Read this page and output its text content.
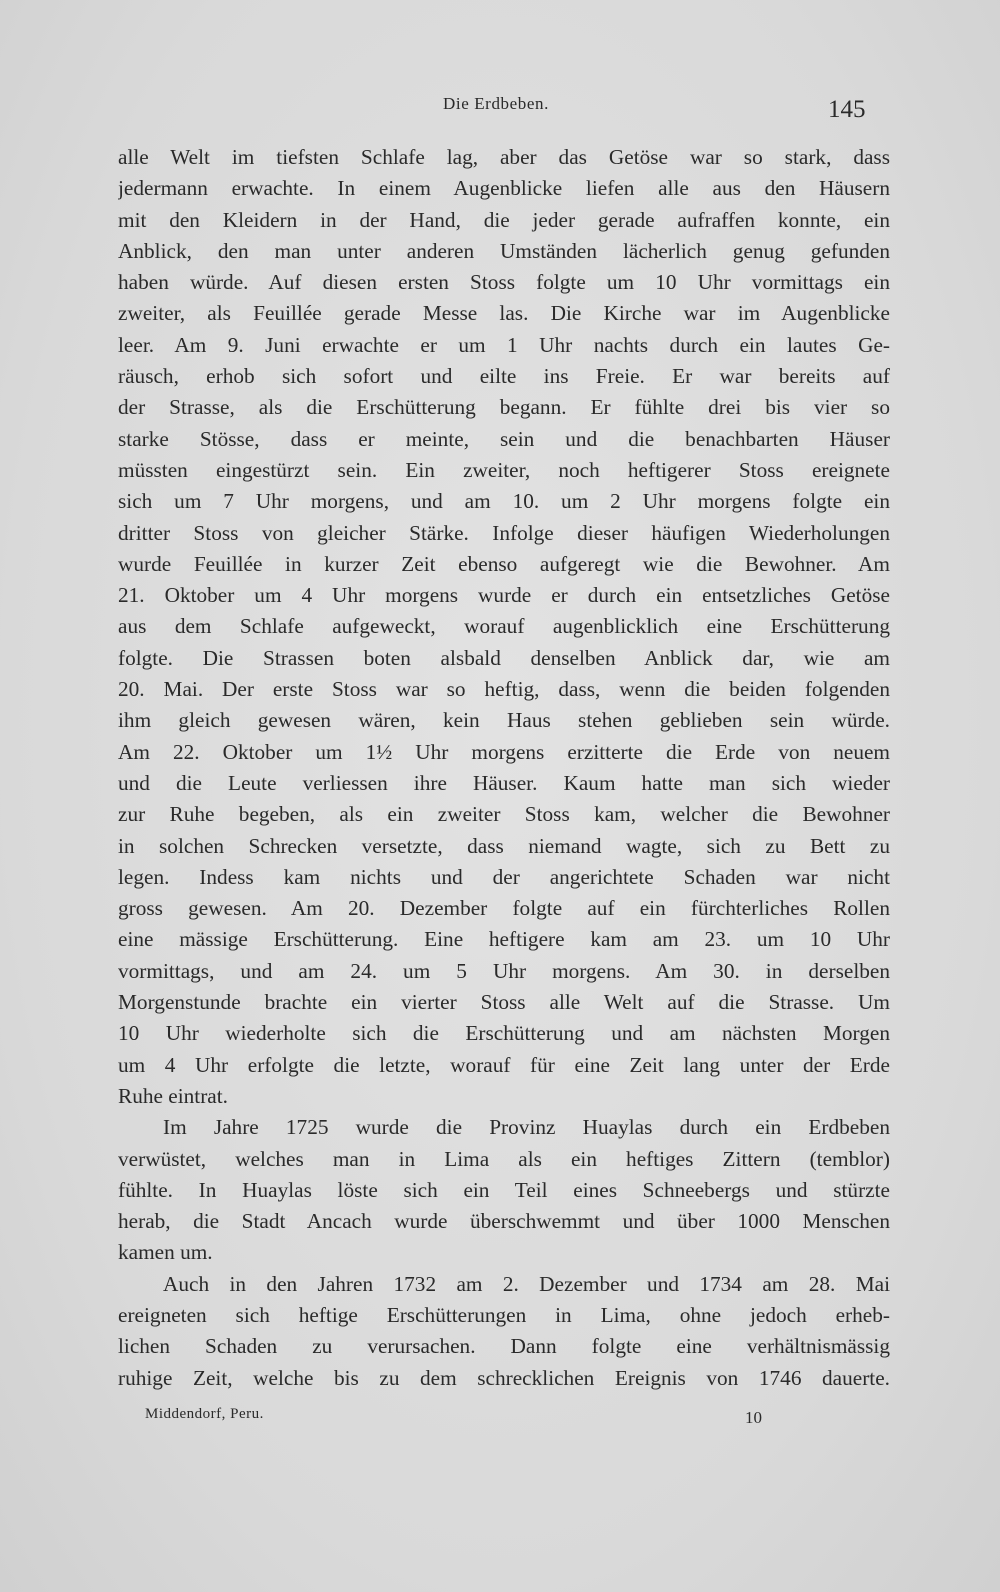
Die Erdbeben.	145
alle Welt im tiefsten Schlafe lag, aber das Getöse war so stark, dass
jedermann erwachte. In einem Augenblicke liefen alle aus den Häusern
mit den Kleidern in der Hand, die jeder gerade aufraffen konnte, ein
Anblick, den man unter anderen Umständen lächerlich genug gefunden
haben würde. Auf diesen ersten Stoss folgte um 10 Uhr vormittags ein
zweiter, als Feuillée gerade Messe las. Die Kirche war im Augenblicke
leer. Am 9. Juni erwachte er um 1 Uhr nachts durch ein lautes Ge-
räusch, erhob sich sofort und eilte ins Freie. Er war bereits auf
der Strasse, als die Erschütterung begann. Er fühlte drei bis vier so
starke Stösse, dass er meinte, sein und die benachbarten Häuser
müssten eingestürzt sein. Ein zweiter, noch heftigerer Stoss ereignete
sich um 7 Uhr morgens, und am 10. um 2 Uhr morgens folgte ein
dritter Stoss von gleicher Stärke. Infolge dieser häufigen Wiederholungen
wurde Feuillée in kurzer Zeit ebenso aufgeregt wie die Bewohner. Am
21. Oktober um 4 Uhr morgens wurde er durch ein entsetzliches Getöse
aus dem Schlafe aufgeweckt, worauf augenblicklich eine Erschütterung
folgte. Die Strassen boten alsbald denselben Anblick dar, wie am
20. Mai. Der erste Stoss war so heftig, dass, wenn die beiden folgenden
ihm gleich gewesen wären, kein Haus stehen geblieben sein würde.
Am 22. Oktober um 1½ Uhr morgens erzitterte die Erde von neuem
und die Leute verliessen ihre Häuser. Kaum hatte man sich wieder
zur Ruhe begeben, als ein zweiter Stoss kam, welcher die Bewohner
in solchen Schrecken versetzte, dass niemand wagte, sich zu Bett zu
legen. Indess kam nichts und der angerichtete Schaden war nicht
gross gewesen. Am 20. Dezember folgte auf ein fürchterliches Rollen
eine mässige Erschütterung. Eine heftigere kam am 23. um 10 Uhr
vormittags, und am 24. um 5 Uhr morgens. Am 30. in derselben
Morgenstunde brachte ein vierter Stoss alle Welt auf die Strasse. Um
10 Uhr wiederholte sich die Erschütterung und am nächsten Morgen
um 4 Uhr erfolgte die letzte, worauf für eine Zeit lang unter der Erde
Ruhe eintrat.
Im Jahre 1725 wurde die Provinz Huaylas durch ein Erdbeben
verwüstet, welches man in Lima als ein heftiges Zittern (temblor)
fühlte. In Huaylas löste sich ein Teil eines Schneebergs und stürzte
herab, die Stadt Ancach wurde überschwemmt und über 1000 Menschen
kamen um.
Auch in den Jahren 1732 am 2. Dezember und 1734 am 28. Mai
ereigneten sich heftige Erschütterungen in Lima, ohne jedoch erheb-
lichen Schaden zu verursachen. Dann folgte eine verhältnismässig
ruhige Zeit, welche bis zu dem schrecklichen Ereignis von 1746 dauerte.
Middendorf, Peru.	10
